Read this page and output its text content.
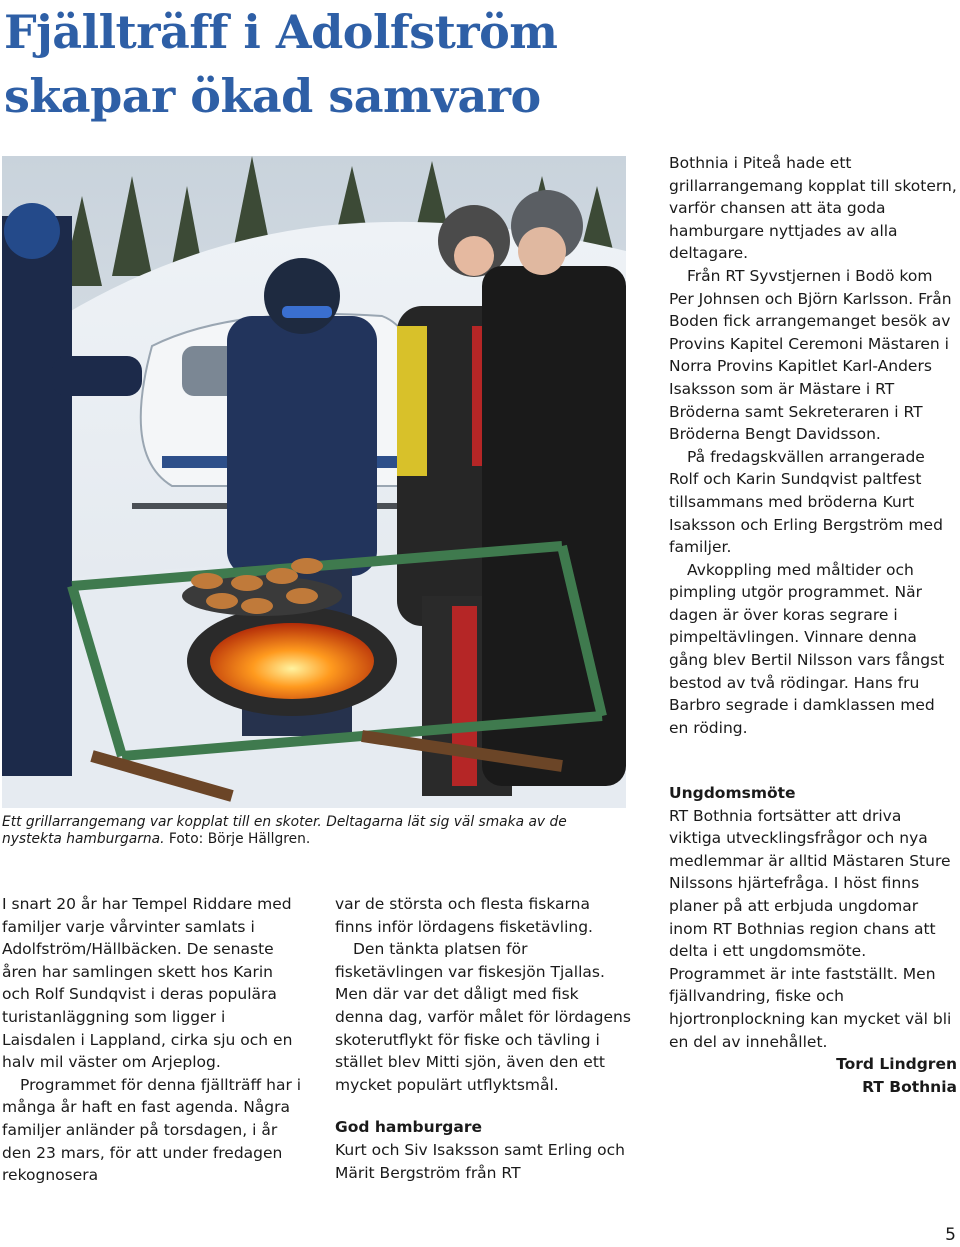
Fjällträff i Adolfström
skapar ökad samvaro

Ett grillarrangemang var kopplat till en skoter. Deltagarna lät sig väl smaka av de nystekta hamburgarna. Foto: Börje Hällgren.

I snart 20 år har Tempel Riddare med familjer varje vårvinter samlats i Adolfström/Hällbäcken. De senaste åren har samlingen skett hos Karin och Rolf Sundqvist i deras populära turistanläggning som ligger i Laisdalen i Lappland, cirka sju och en halv mil väster om Arjeplog.

Programmet för denna fjällträff har i många år haft en fast agenda. Några familjer anländer på torsdagen, i år den 23 mars, för att under fredagen rekognosera

var de största och flesta fiskarna finns inför lördagens fisketävling.

Den tänkta platsen för fisketävlingen var fiskesjön Tjallas. Men där var det dåligt med fisk denna dag, varför målet för lördagens skoterutflykt för fiske och tävling i stället blev Mitti sjön, även den ett mycket populärt utflyktsmål.

God hamburgare

Kurt och Siv Isaksson samt Erling och Märit Bergström från RT

Bothnia i Piteå hade ett grillarrangemang kopplat till skotern, varför chansen att äta goda hamburgare nyttjades av alla deltagare.

Från RT Syvstjernen i Bodö kom Per Johnsen och Björn Karlsson. Från Boden fick arrangemanget besök av Provins Kapitel Ceremoni Mästaren i Norra Provins Kapitlet Karl-Anders Isaksson som är Mästare i RT Bröderna samt Sekreteraren i RT Bröderna Bengt Davidsson.

På fredagskvällen arrangerade Rolf och Karin Sundqvist paltfest tillsammans med bröderna Kurt Isaksson och Erling Bergström med familjer.

Avkoppling med måltider och pimpling utgör programmet. När dagen är över koras segrare i pimpeltävlingen. Vinnare denna gång blev Bertil Nilsson vars fångst bestod av två rödingar. Hans fru Barbro segrade i damklassen med en röding.

Ungdomsmöte

RT Bothnia fortsätter att driva viktiga utvecklingsfrågor och nya medlemmar är alltid Mästaren Sture Nilssons hjärtefråga. I höst finns planer på att erbjuda ungdomar inom RT Bothnias region chans att delta i ett ungdomsmöte. Programmet är inte fastställt. Men fjällvandring, fiske och hjortronplockning kan mycket väl bli en del av innehållet.

Tord Lindgren
RT Bothnia

5
